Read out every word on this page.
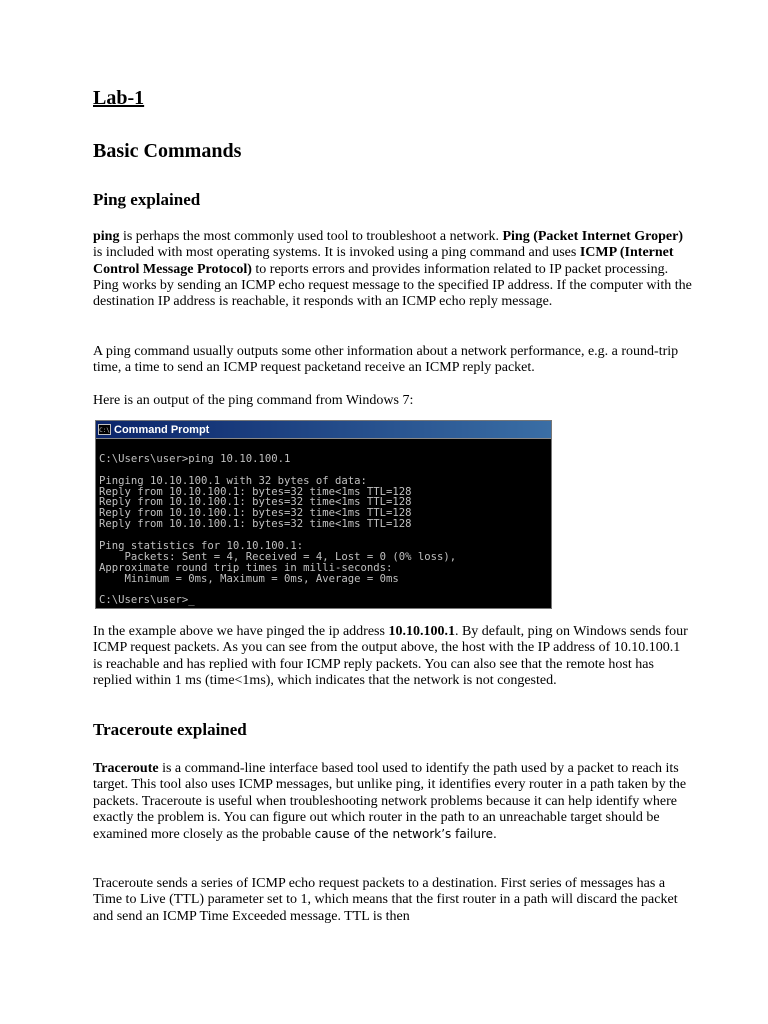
Lab-1
Basic Commands
Ping explained

ping is perhaps the most commonly used tool to troubleshoot a network. Ping (Packet Internet Groper) is included with most operating systems. It is invoked using a ping command and uses ICMP (Internet Control Message Protocol) to reports errors and provides information related to IP packet processing. Ping works by sending an ICMP echo request message to the specified IP address. If the computer with the destination IP address is reachable, it responds with an ICMP echo reply message.

A ping command usually outputs some other information about a network performance, e.g. a round-trip time, a time to send an ICMP request packetand receive an ICMP reply packet.

Here is an output of the ping command from Windows 7:

C:\ Command Prompt
C:\Users\user>ping 10.10.100.1
Pinging 10.10.100.1 with 32 bytes of data:
Reply from 10.10.100.1: bytes=32 time<1ms TTL=128
Reply from 10.10.100.1: bytes=32 time<1ms TTL=128
Reply from 10.10.100.1: bytes=32 time<1ms TTL=128
Reply from 10.10.100.1: bytes=32 time<1ms TTL=128
Ping statistics for 10.10.100.1:
Packets: Sent = 4, Received = 4, Lost = 0 (0% loss),
Approximate round trip times in milli-seconds:
Minimum = 0ms, Maximum = 0ms, Average = 0ms
C:\Users\user>_

In the example above we have pinged the ip address 10.10.100.1. By default, ping on Windows sends four ICMP request packets. As you can see from the output above, the host with the IP address of 10.10.100.1 is reachable and has replied with four ICMP reply packets. You can also see that the remote host has replied within 1 ms (time<1ms), which indicates that the network is not congested.

Traceroute explained

Traceroute is a command-line interface based tool used to identify the path used by a packet to reach its target. This tool also uses ICMP messages, but unlike ping, it identifies every router in a path taken by the packets. Traceroute is useful when troubleshooting network problems because it can help identify where exactly the problem is. You can figure out which router in the path to an unreachable target should be examined more closely as the probable cause of the network’s failure.

Traceroute sends a series of ICMP echo request packets to a destination. First series of messages has a Time to Live (TTL) parameter set to 1, which means that the first router in a path will discard the packet and send an ICMP Time Exceeded message. TTL is then
